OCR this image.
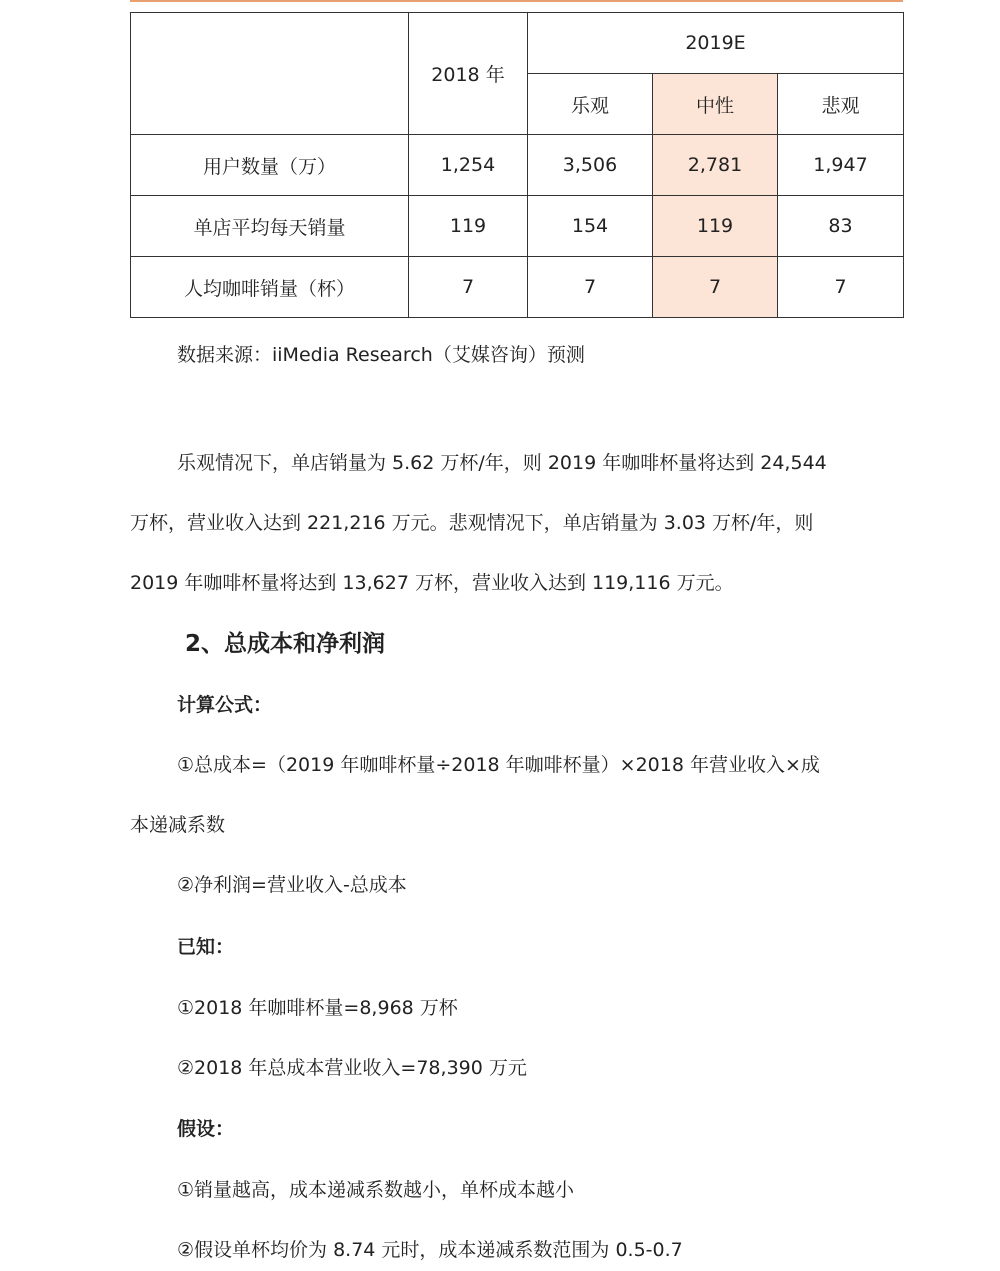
	2018 年	2019E		
		乐观	中性	悲观
用户数量（万）	1,254	3,506	2,781	1,947
单店平均每天销量	119	154	119	83
人均咖啡销量（杯）	7	7	7	7
数据来源：iiMedia Research（艾媒咨询）预测
乐观情况下，单店销量为 5.62 万杯/年，则 2019 年咖啡杯量将达到 24,544
万杯，营业收入达到 221,216 万元。悲观情况下，单店销量为 3.03 万杯/年，则
2019 年咖啡杯量将达到 13,627 万杯，营业收入达到 119,116 万元。
2、总成本和净利润
计算公式：
①总成本=（2019 年咖啡杯量÷2018 年咖啡杯量）×2018 年营业收入×成
本递减系数
②净利润=营业收入-总成本
已知：
①2018 年咖啡杯量=8,968 万杯
②2018 年总成本营业收入=78,390 万元
假设：
①销量越高，成本递减系数越小，单杯成本越小
②假设单杯均价为 8.74 元时，成本递减系数范围为 0.5-0.7
